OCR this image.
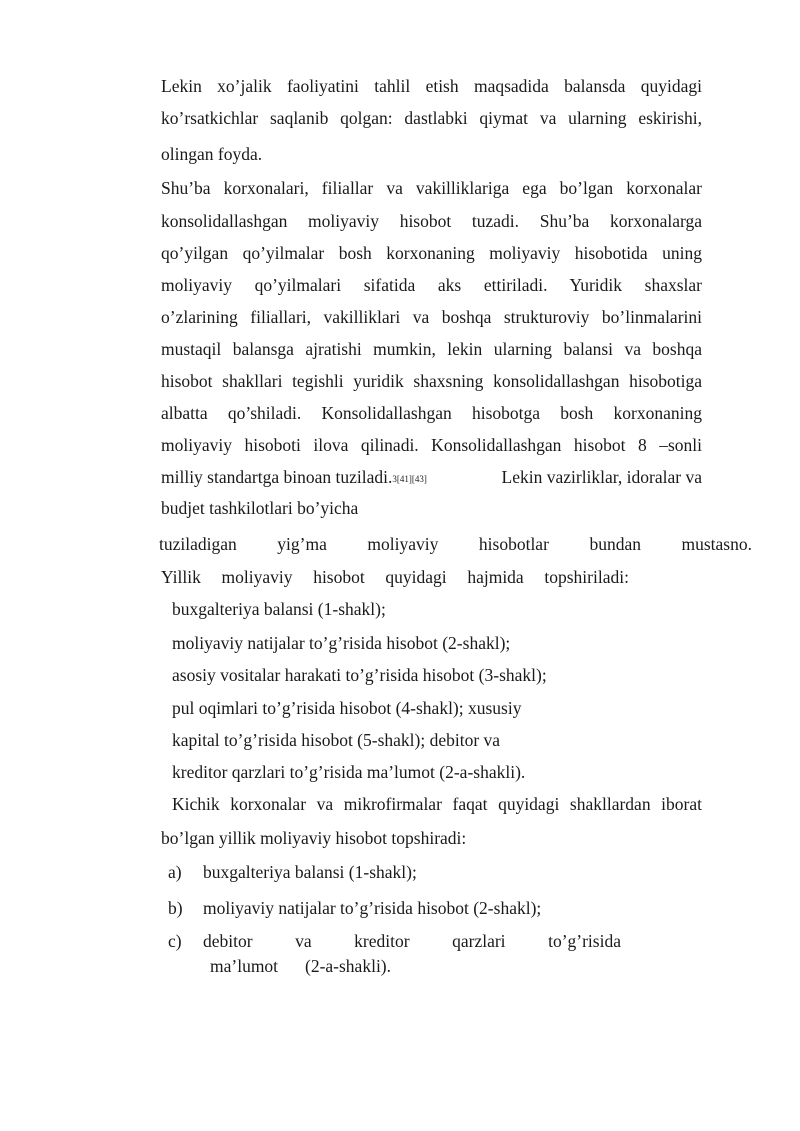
Lekin xo’jalik faoliyatini tahlil etish maqsadida balansda quyidagi
ko’rsatkichlar saqlanib qolgan: dastlabki qiymat va ularning eskirishi,
olingan foyda.
Shu’ba korxonalari, filiallar va vakilliklariga ega bo’lgan korxonalar
konsolidallashgan moliyaviy hisobot tuzadi. Shu’ba korxonalarga
qo’yilgan qo’yilmalar bosh korxonaning moliyaviy hisobotida uning
moliyaviy qo’yilmalari sifatida aks ettiriladi. Yuridik shaxslar
o’zlarining filiallari, vakilliklari va boshqa strukturoviy bo’linmalarini
mustaqil balansga ajratishi mumkin, lekin ularning balansi va boshqa
hisobot shakllari tegishli yuridik shaxsning konsolidallashgan hisobotiga
albatta qo’shiladi. Konsolidallashgan hisobotga bosh korxonaning
moliyaviy hisoboti ilova qilinadi. Konsolidallashgan hisobot 8 –sonli
milliy standartga binoan tuziladi.3[41][43]	Lekin vazirliklar, idoralar va
budjet tashkilotlari bo’yicha
tuziladigan yig’ma moliyaviy hisobotlar bundan mustasno.
Yillik moliyaviy hisobot quyidagi hajmida topshiriladi:
buxgalteriya balansi (1-shakl);
moliyaviy natijalar to’g’risida hisobot (2-shakl);
asosiy vositalar harakati to’g’risida hisobot (3-shakl);
pul oqimlari to’g’risida hisobot (4-shakl); xususiy
kapital to’g’risida hisobot (5-shakl); debitor va
kreditor qarzlari to’g’risida ma’lumot (2-a-shakli).
Kichik korxonalar va mikrofirmalar faqat quyidagi shakllardan iborat
bo’lgan yillik moliyaviy hisobot topshiradi:
a) buxgalteriya balansi (1-shakl);
b) moliyaviy natijalar to’g’risida hisobot (2-shakl);
c) debitor va kreditor qarzlari to’g’risida
ma’lumot (2-a-shakli).
